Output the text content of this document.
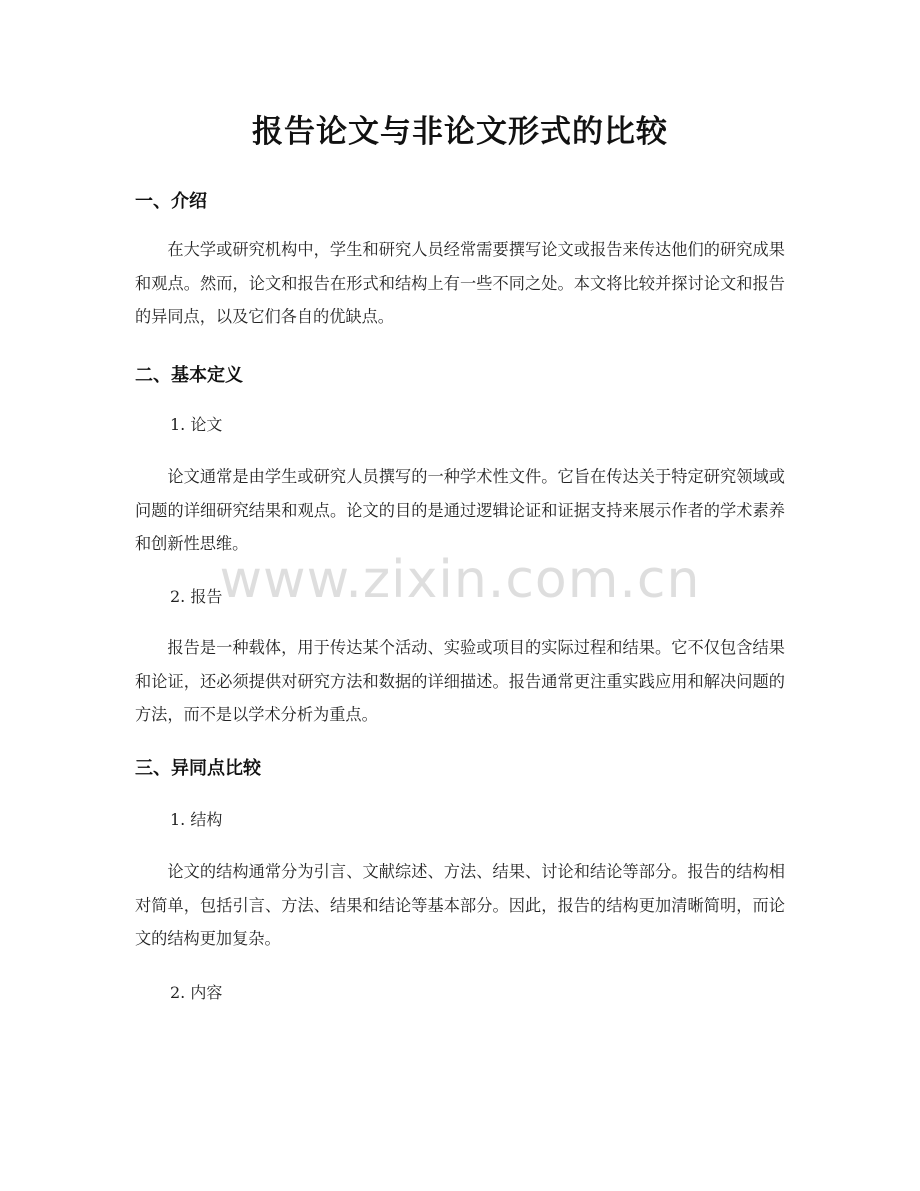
报告论文与非论文形式的比较
一、介绍
在大学或研究机构中，学生和研究人员经常需要撰写论文或报告来传达他们的研究成果和观点。然而，论文和报告在形式和结构上有一些不同之处。本文将比较并探讨论文和报告的异同点，以及它们各自的优缺点。
二、基本定义
1. 论文
论文通常是由学生或研究人员撰写的一种学术性文件。它旨在传达关于特定研究领域或问题的详细研究结果和观点。论文的目的是通过逻辑论证和证据支持来展示作者的学术素养和创新性思维。
2. 报告
报告是一种载体，用于传达某个活动、实验或项目的实际过程和结果。它不仅包含结果和论证，还必须提供对研究方法和数据的详细描述。报告通常更注重实践应用和解决问题的方法，而不是以学术分析为重点。
三、异同点比较
1. 结构
论文的结构通常分为引言、文献综述、方法、结果、讨论和结论等部分。报告的结构相对简单，包括引言、方法、结果和结论等基本部分。因此，报告的结构更加清晰简明，而论文的结构更加复杂。
2. 内容
www.zixin.com.cn
